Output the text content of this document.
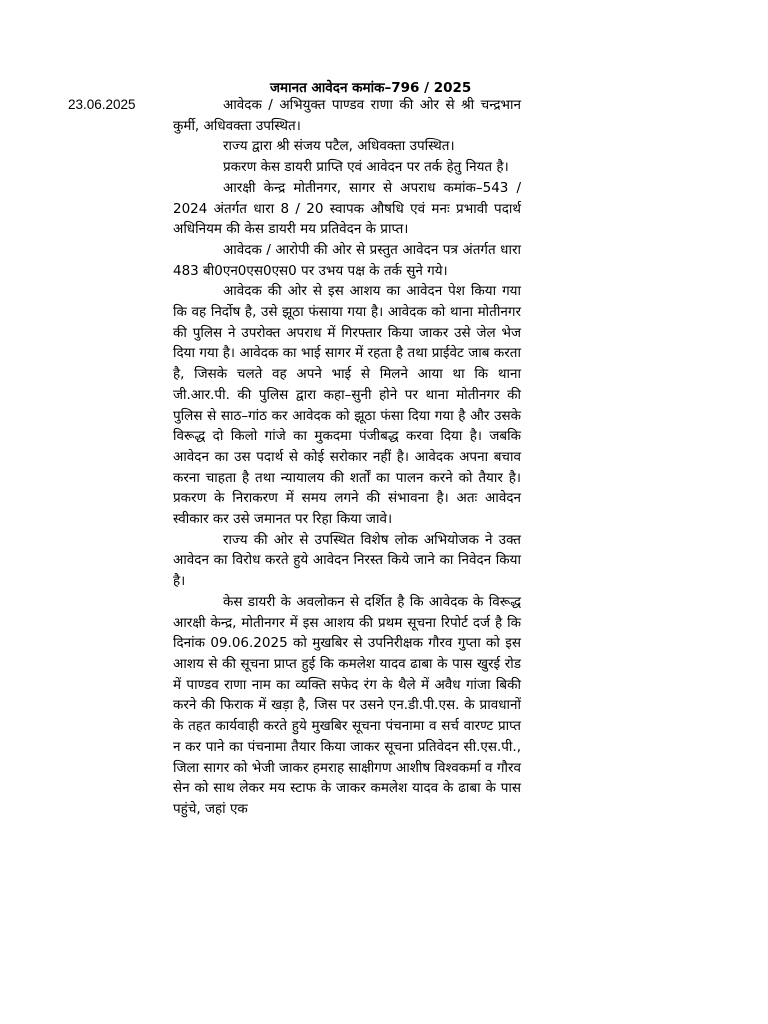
जमानत आवेदन कमांक–796 / 2025
23.06.2025	आवेदक / अभियुक्त पाण्डव राणा की ओर से श्री चन्द्रभान कुर्मी, अधिवक्ता उपस्थित।

राज्य द्वारा श्री संजय पटैल, अधिवक्ता उपस्थित।

प्रकरण केस डायरी प्राप्ति एवं आवेदन पर तर्क हेतु नियत है।

आरक्षी केन्द्र मोतीनगर, सागर से अपराध कमांक–543 / 2024 अंतर्गत धारा 8 / 20 स्वापक औषधि एवं मनः प्रभावी पदार्थ अधिनियम की केस डायरी मय प्रतिवेदन के प्राप्त।

आवेदक / आरोपी की ओर से प्रस्तुत आवेदन पत्र अंतर्गत धारा 483 बी0एन0एस0एस0 पर उभय पक्ष के तर्क सुने गये।

आवेदक की ओर से इस आशय का आवेदन पेश किया गया कि वह निर्दोष है, उसे झूठा फंसाया गया है। आवेदक को थाना मोतीनगर की पुलिस ने उपरोक्त अपराध में गिरफ्तार किया जाकर उसे जेल भेज दिया गया है। आवेदक का भाई सागर में रहता है तथा प्राईवेट जाब करता है, जिसके चलते वह अपने भाई से मिलने आया था कि थाना जी.आर.पी. की पुलिस द्वारा कहा–सुनी होने पर थाना मोतीनगर की पुलिस से साठ–गांठ कर आवेदक को झूठा फंसा दिया गया है और उसके विरूद्ध दो किलो गांजे का मुकदमा पंजीबद्ध करवा दिया है। जबकि आवेदन का उस पदार्थ से कोई सरोकार नहीं है। आवेदक अपना बचाव करना चाहता है तथा न्यायालय की शर्तों का पालन करने को तैयार है। प्रकरण के निराकरण में समय लगने की संभावना है। अतः आवेदन स्वीकार कर उसे जमानत पर रिहा किया जावे।

राज्य की ओर से उपस्थित विशेष लोक अभियोजक ने उक्त आवेदन का विरोध करते हुये आवेदन निरस्त किये जाने का निवेदन किया है।

केस डायरी के अवलोकन से दर्शित है कि आवेदक के विरूद्ध आरक्षी केन्द्र, मोतीनगर में इस आशय की प्रथम सूचना रिपोर्ट दर्ज है कि दिनांक 09.06.2025 को मुखबिर से उपनिरीक्षक गौरव गुप्ता को इस आशय से की सूचना प्राप्त हुई कि कमलेश यादव ढाबा के पास खुरई रोड में पाण्डव राणा नाम का व्यक्ति सफेद रंग के थैले में अवैध गांजा बिकी करने की फिराक में खड़ा है, जिस पर उसने एन.डी.पी.एस. के प्रावधानों के तहत कार्यवाही करते हुये मुखबिर सूचना पंचनामा व सर्च वारण्ट प्राप्त न कर पाने का पंचनामा तैयार किया जाकर सूचना प्रतिवेदन सी.एस.पी., जिला सागर को भेजी जाकर हमराह साक्षीगण आशीष विश्वकर्मा व गौरव सेन को साथ लेकर मय स्टाफ के जाकर कमलेश यादव के ढाबा के पास पहुंचे, जहां एक
